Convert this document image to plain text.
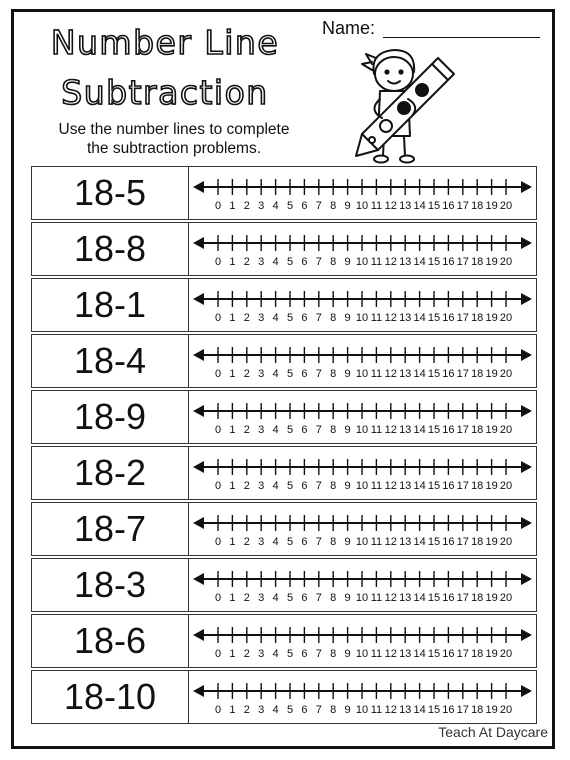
Number Line
Subtraction
Use the number lines to complete
the subtraction problems.
Name:
18-5	0 1 2 3 4 5 6 7 8 9 10 11 12 13 14 15 16 17 18 19 20
18-8	0 1 2 3 4 5 6 7 8 9 10 11 12 13 14 15 16 17 18 19 20
18-1	0 1 2 3 4 5 6 7 8 9 10 11 12 13 14 15 16 17 18 19 20
18-4	0 1 2 3 4 5 6 7 8 9 10 11 12 13 14 15 16 17 18 19 20
18-9	0 1 2 3 4 5 6 7 8 9 10 11 12 13 14 15 16 17 18 19 20
18-2	0 1 2 3 4 5 6 7 8 9 10 11 12 13 14 15 16 17 18 19 20
18-7	0 1 2 3 4 5 6 7 8 9 10 11 12 13 14 15 16 17 18 19 20
18-3	0 1 2 3 4 5 6 7 8 9 10 11 12 13 14 15 16 17 18 19 20
18-6	0 1 2 3 4 5 6 7 8 9 10 11 12 13 14 15 16 17 18 19 20
18-10	0 1 2 3 4 5 6 7 8 9 10 11 12 13 14 15 16 17 18 19 20
Teach At Daycare
